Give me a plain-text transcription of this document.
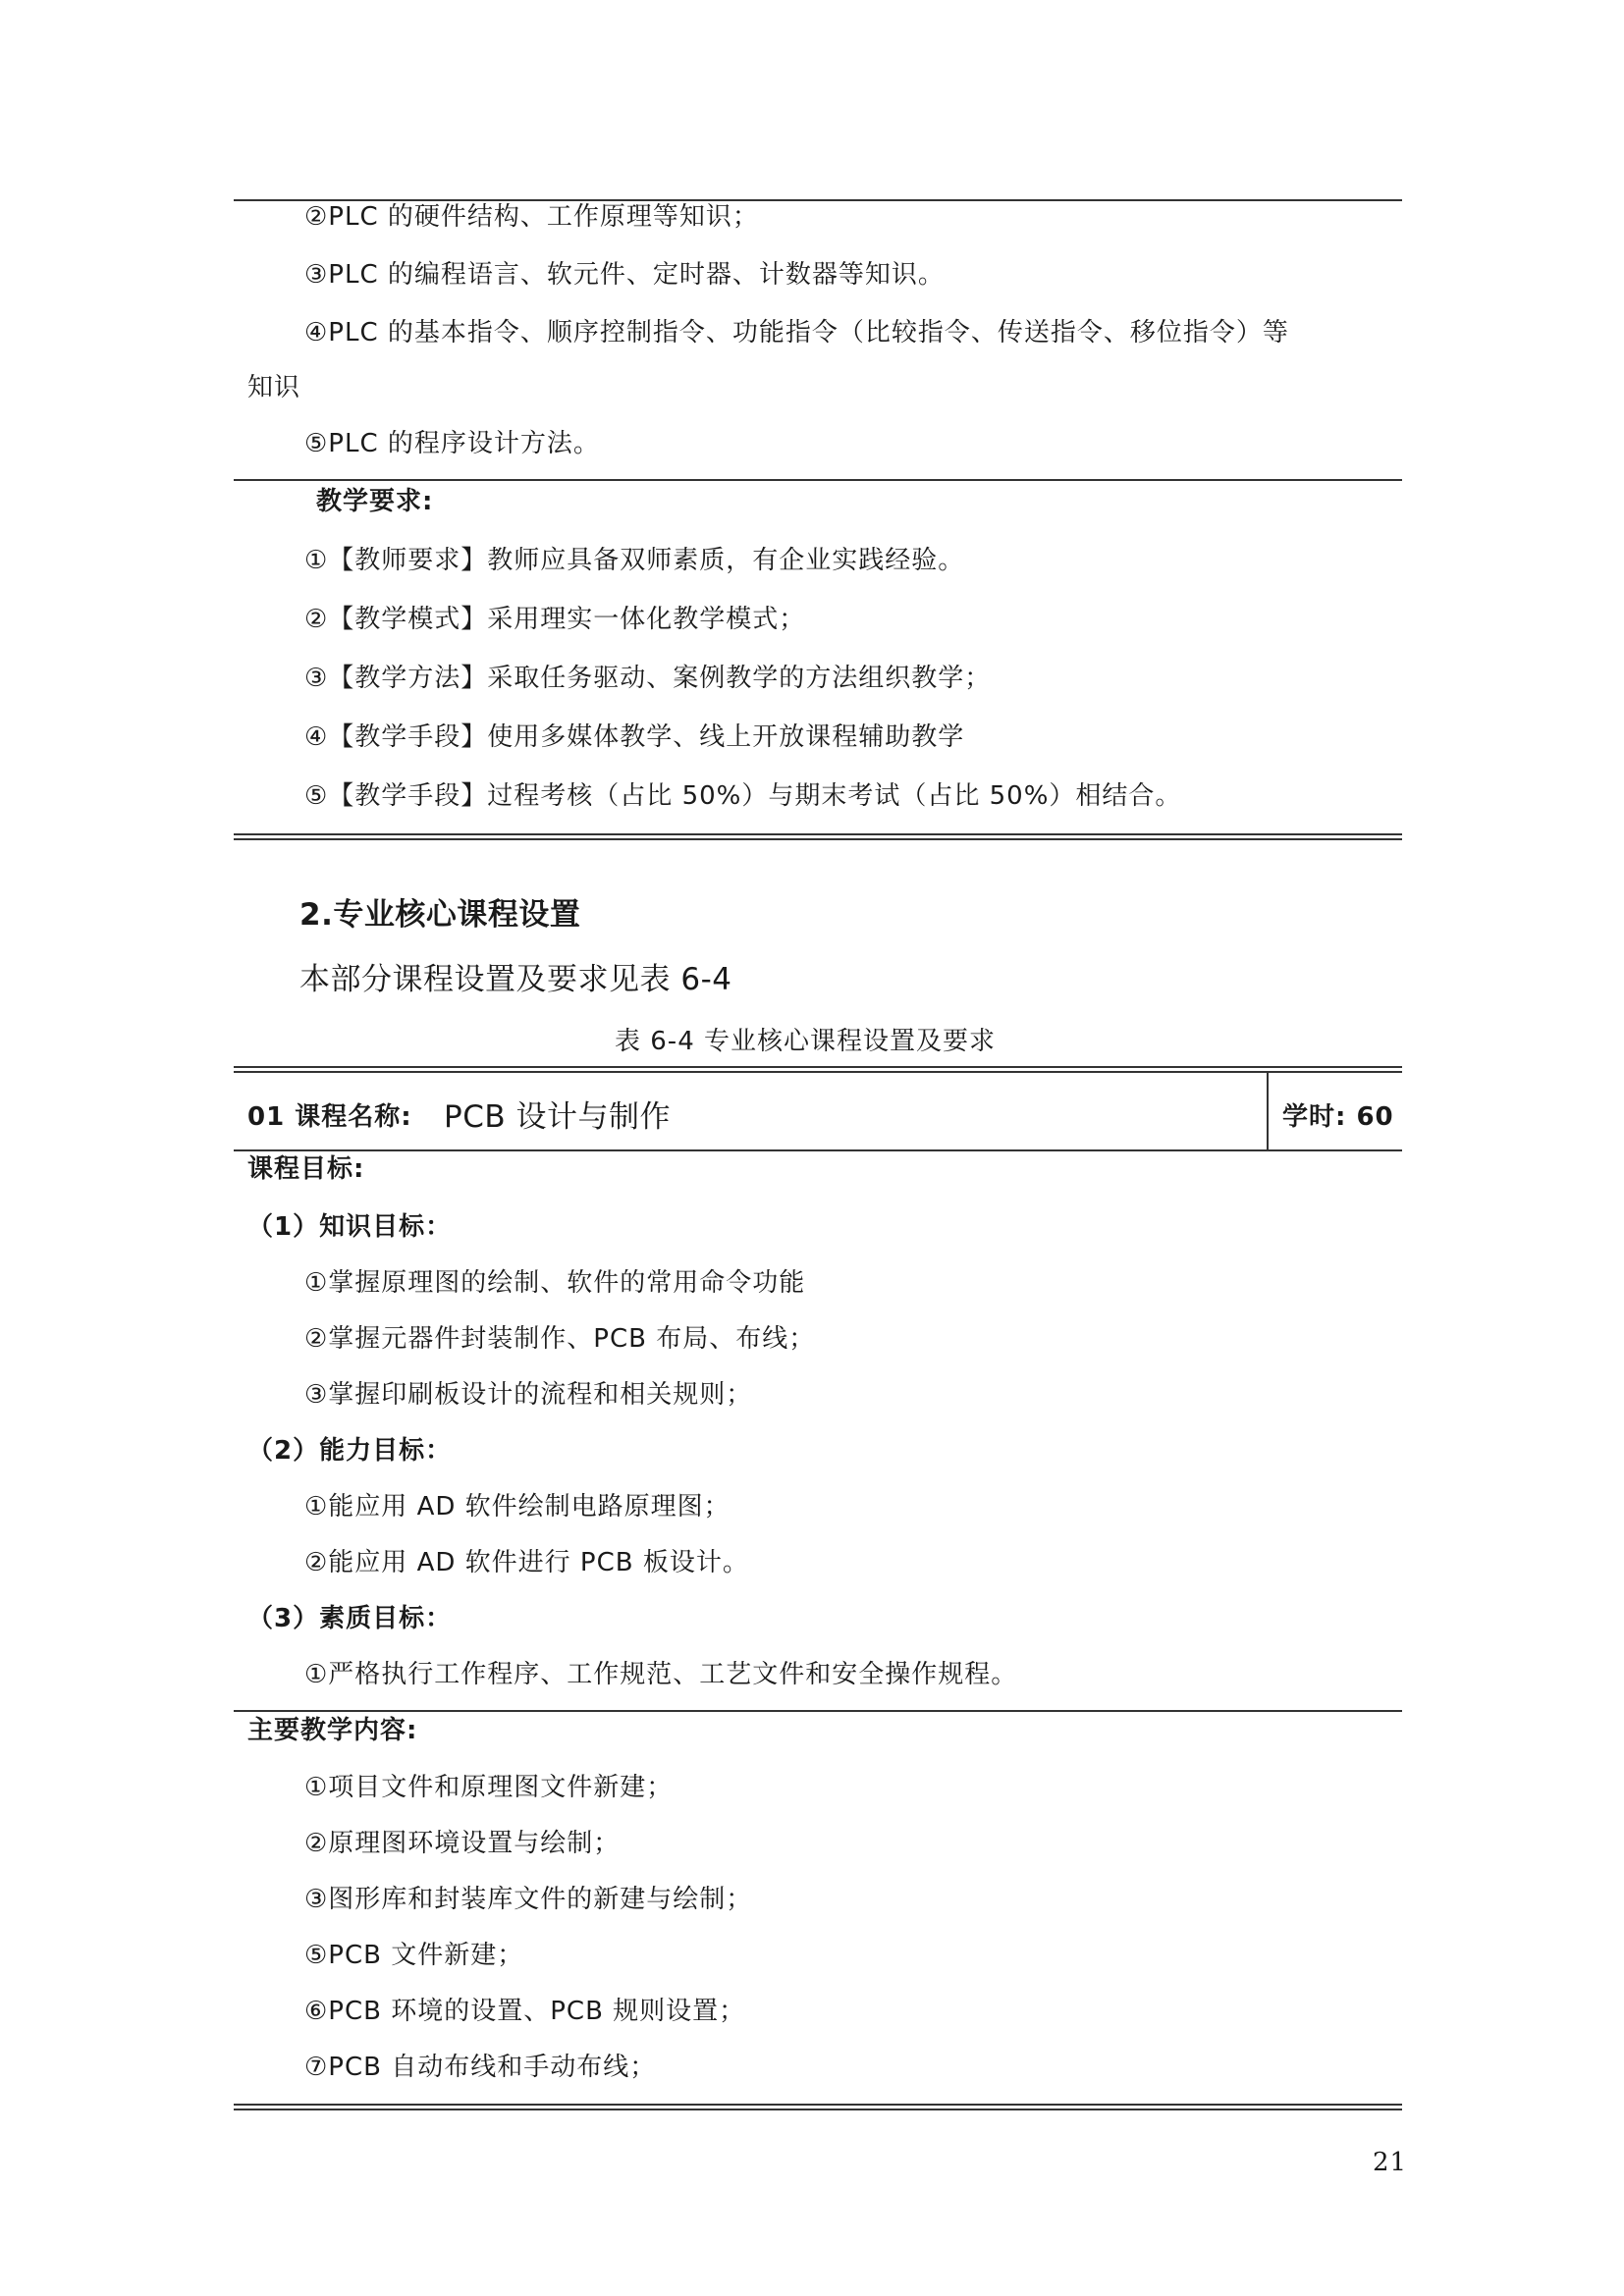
②PLC 的硬件结构、工作原理等知识；
③PLC 的编程语言、软元件、定时器、计数器等知识。
④PLC 的基本指令、顺序控制指令、功能指令（比较指令、传送指令、移位指令）等
知识
⑤PLC 的程序设计方法。
教学要求:
①【教师要求】教师应具备双师素质，有企业实践经验。
②【教学模式】采用理实一体化教学模式；
③【教学方法】采取任务驱动、案例教学的方法组织教学；
④【教学手段】使用多媒体教学、线上开放课程辅助教学
⑤【教学手段】过程考核（占比 50%）与期末考试（占比 50%）相结合。
2.专业核心课程设置
本部分课程设置及要求见表 6-4
表 6-4 专业核心课程设置及要求
01 课程名称: PCB 设计与制作	学时: 60
课程目标:
（1）知识目标：
①掌握原理图的绘制、软件的常用命令功能
②掌握元器件封装制作、PCB 布局、布线；
③掌握印刷板设计的流程和相关规则；
（2）能力目标：
①能应用 AD 软件绘制电路原理图；
②能应用 AD 软件进行 PCB 板设计。
（3）素质目标：
①严格执行工作程序、工作规范、工艺文件和安全操作规程。
主要教学内容:
①项目文件和原理图文件新建；
②原理图环境设置与绘制；
③图形库和封装库文件的新建与绘制；
⑤PCB 文件新建；
⑥PCB 环境的设置、PCB 规则设置；
⑦PCB 自动布线和手动布线；
21
